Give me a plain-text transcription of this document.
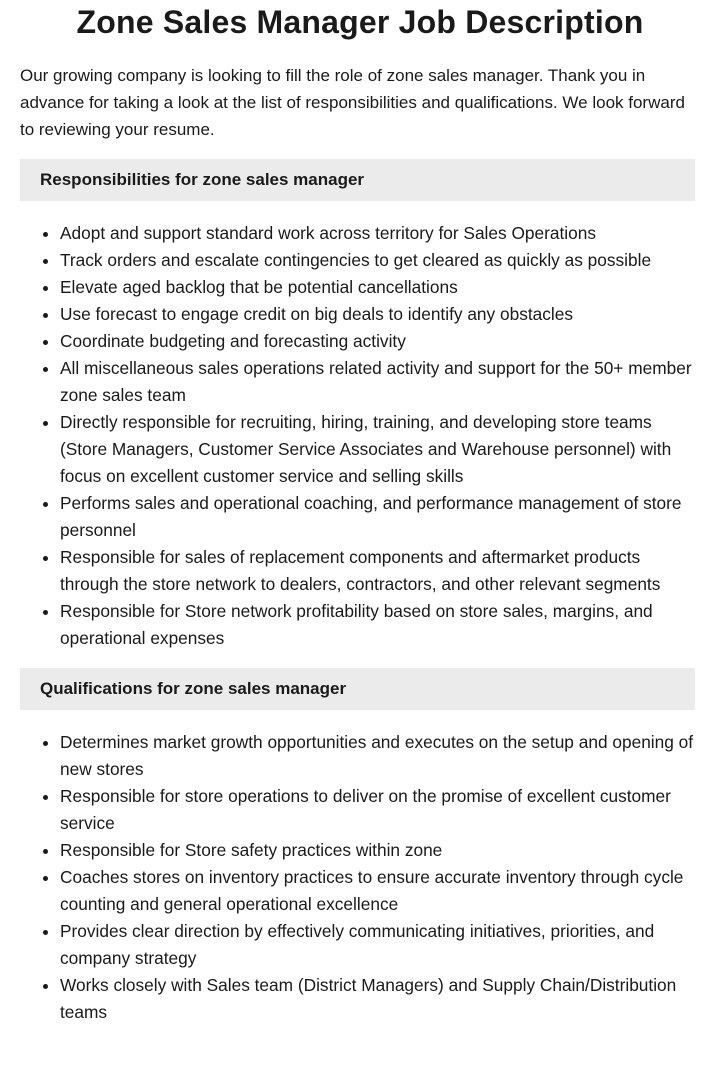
Zone Sales Manager Job Description

Our growing company is looking to fill the role of zone sales manager. Thank you in advance for taking a look at the list of responsibilities and qualifications. We look forward to reviewing your resume.

Responsibilities for zone sales manager
• Adopt and support standard work across territory for Sales Operations
• Track orders and escalate contingencies to get cleared as quickly as possible
• Elevate aged backlog that be potential cancellations
• Use forecast to engage credit on big deals to identify any obstacles
• Coordinate budgeting and forecasting activity
• All miscellaneous sales operations related activity and support for the 50+ member zone sales team
• Directly responsible for recruiting, hiring, training, and developing store teams (Store Managers, Customer Service Associates and Warehouse personnel) with focus on excellent customer service and selling skills
• Performs sales and operational coaching, and performance management of store personnel
• Responsible for sales of replacement components and aftermarket products through the store network to dealers, contractors, and other relevant segments
• Responsible for Store network profitability based on store sales, margins, and operational expenses
Qualifications for zone sales manager
• Determines market growth opportunities and executes on the setup and opening of new stores
• Responsible for store operations to deliver on the promise of excellent customer service
• Responsible for Store safety practices within zone
• Coaches stores on inventory practices to ensure accurate inventory through cycle counting and general operational excellence
• Provides clear direction by effectively communicating initiatives, priorities, and company strategy
• Works closely with Sales team (District Managers) and Supply Chain/Distribution teams
